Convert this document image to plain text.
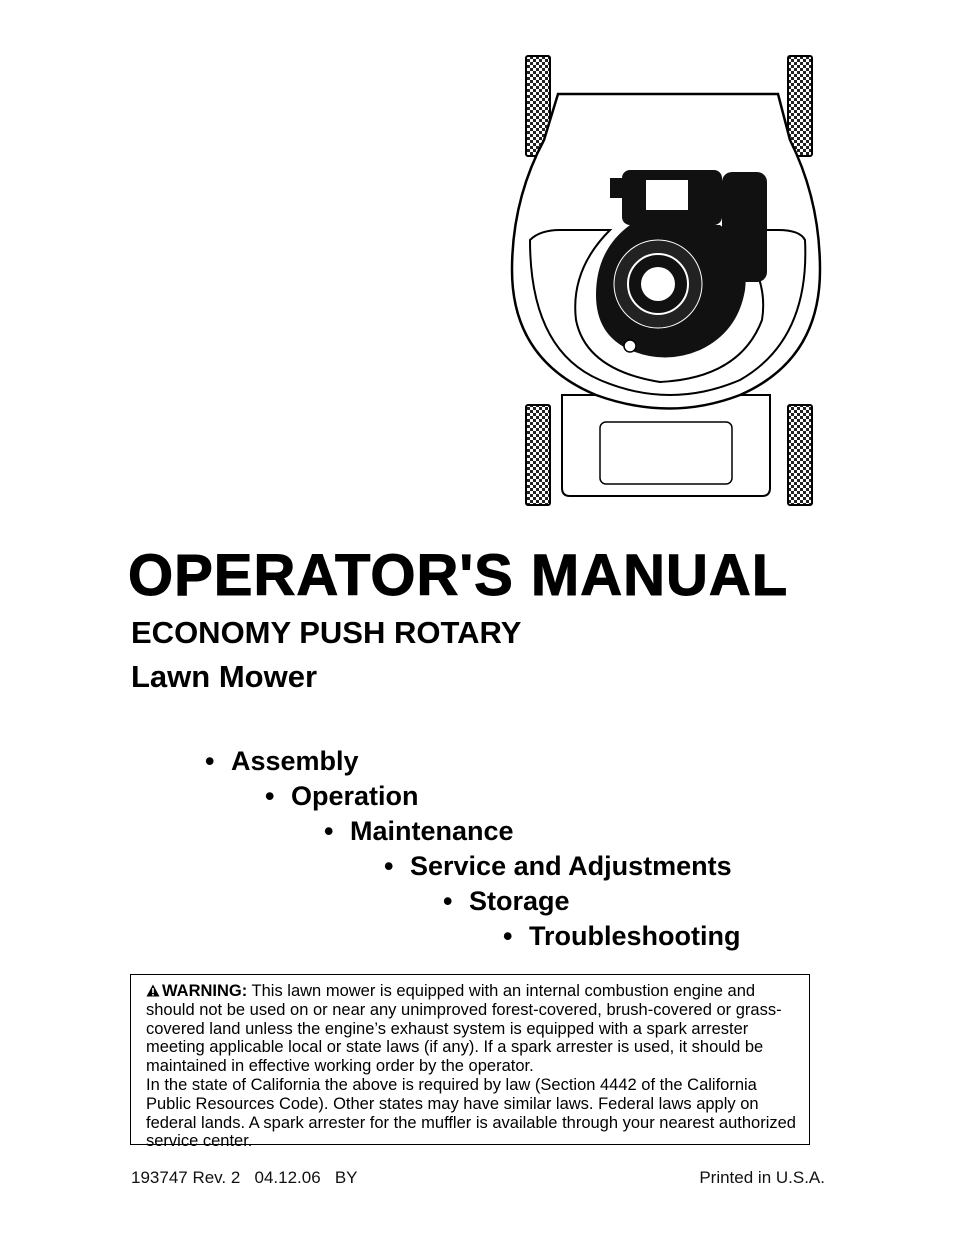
OPERATOR'S MANUAL
ECONOMY PUSH ROTARY
Lawn Mower
• Assembly
• Operation
• Maintenance
• Service and Adjustments
• Storage
• Troubleshooting

WARNING: This lawn mower is equipped with an internal combustion engine and should not be used on or near any unimproved forest-covered, brush-covered or grass-covered land unless the engine’s exhaust system is equipped with a spark arrester meeting applicable local or state laws (if any). If a spark arrester is used, it should be maintained in effective working order by the operator.

In the state of California the above is required by law (Section 4442 of the California Public Resources Code). Other states may have similar laws. Federal laws apply on federal lands. A spark arrester for the muffler is available through your nearest authorized service center.

193747 Rev. 2   04.12.06   BY	Printed in U.S.A.
